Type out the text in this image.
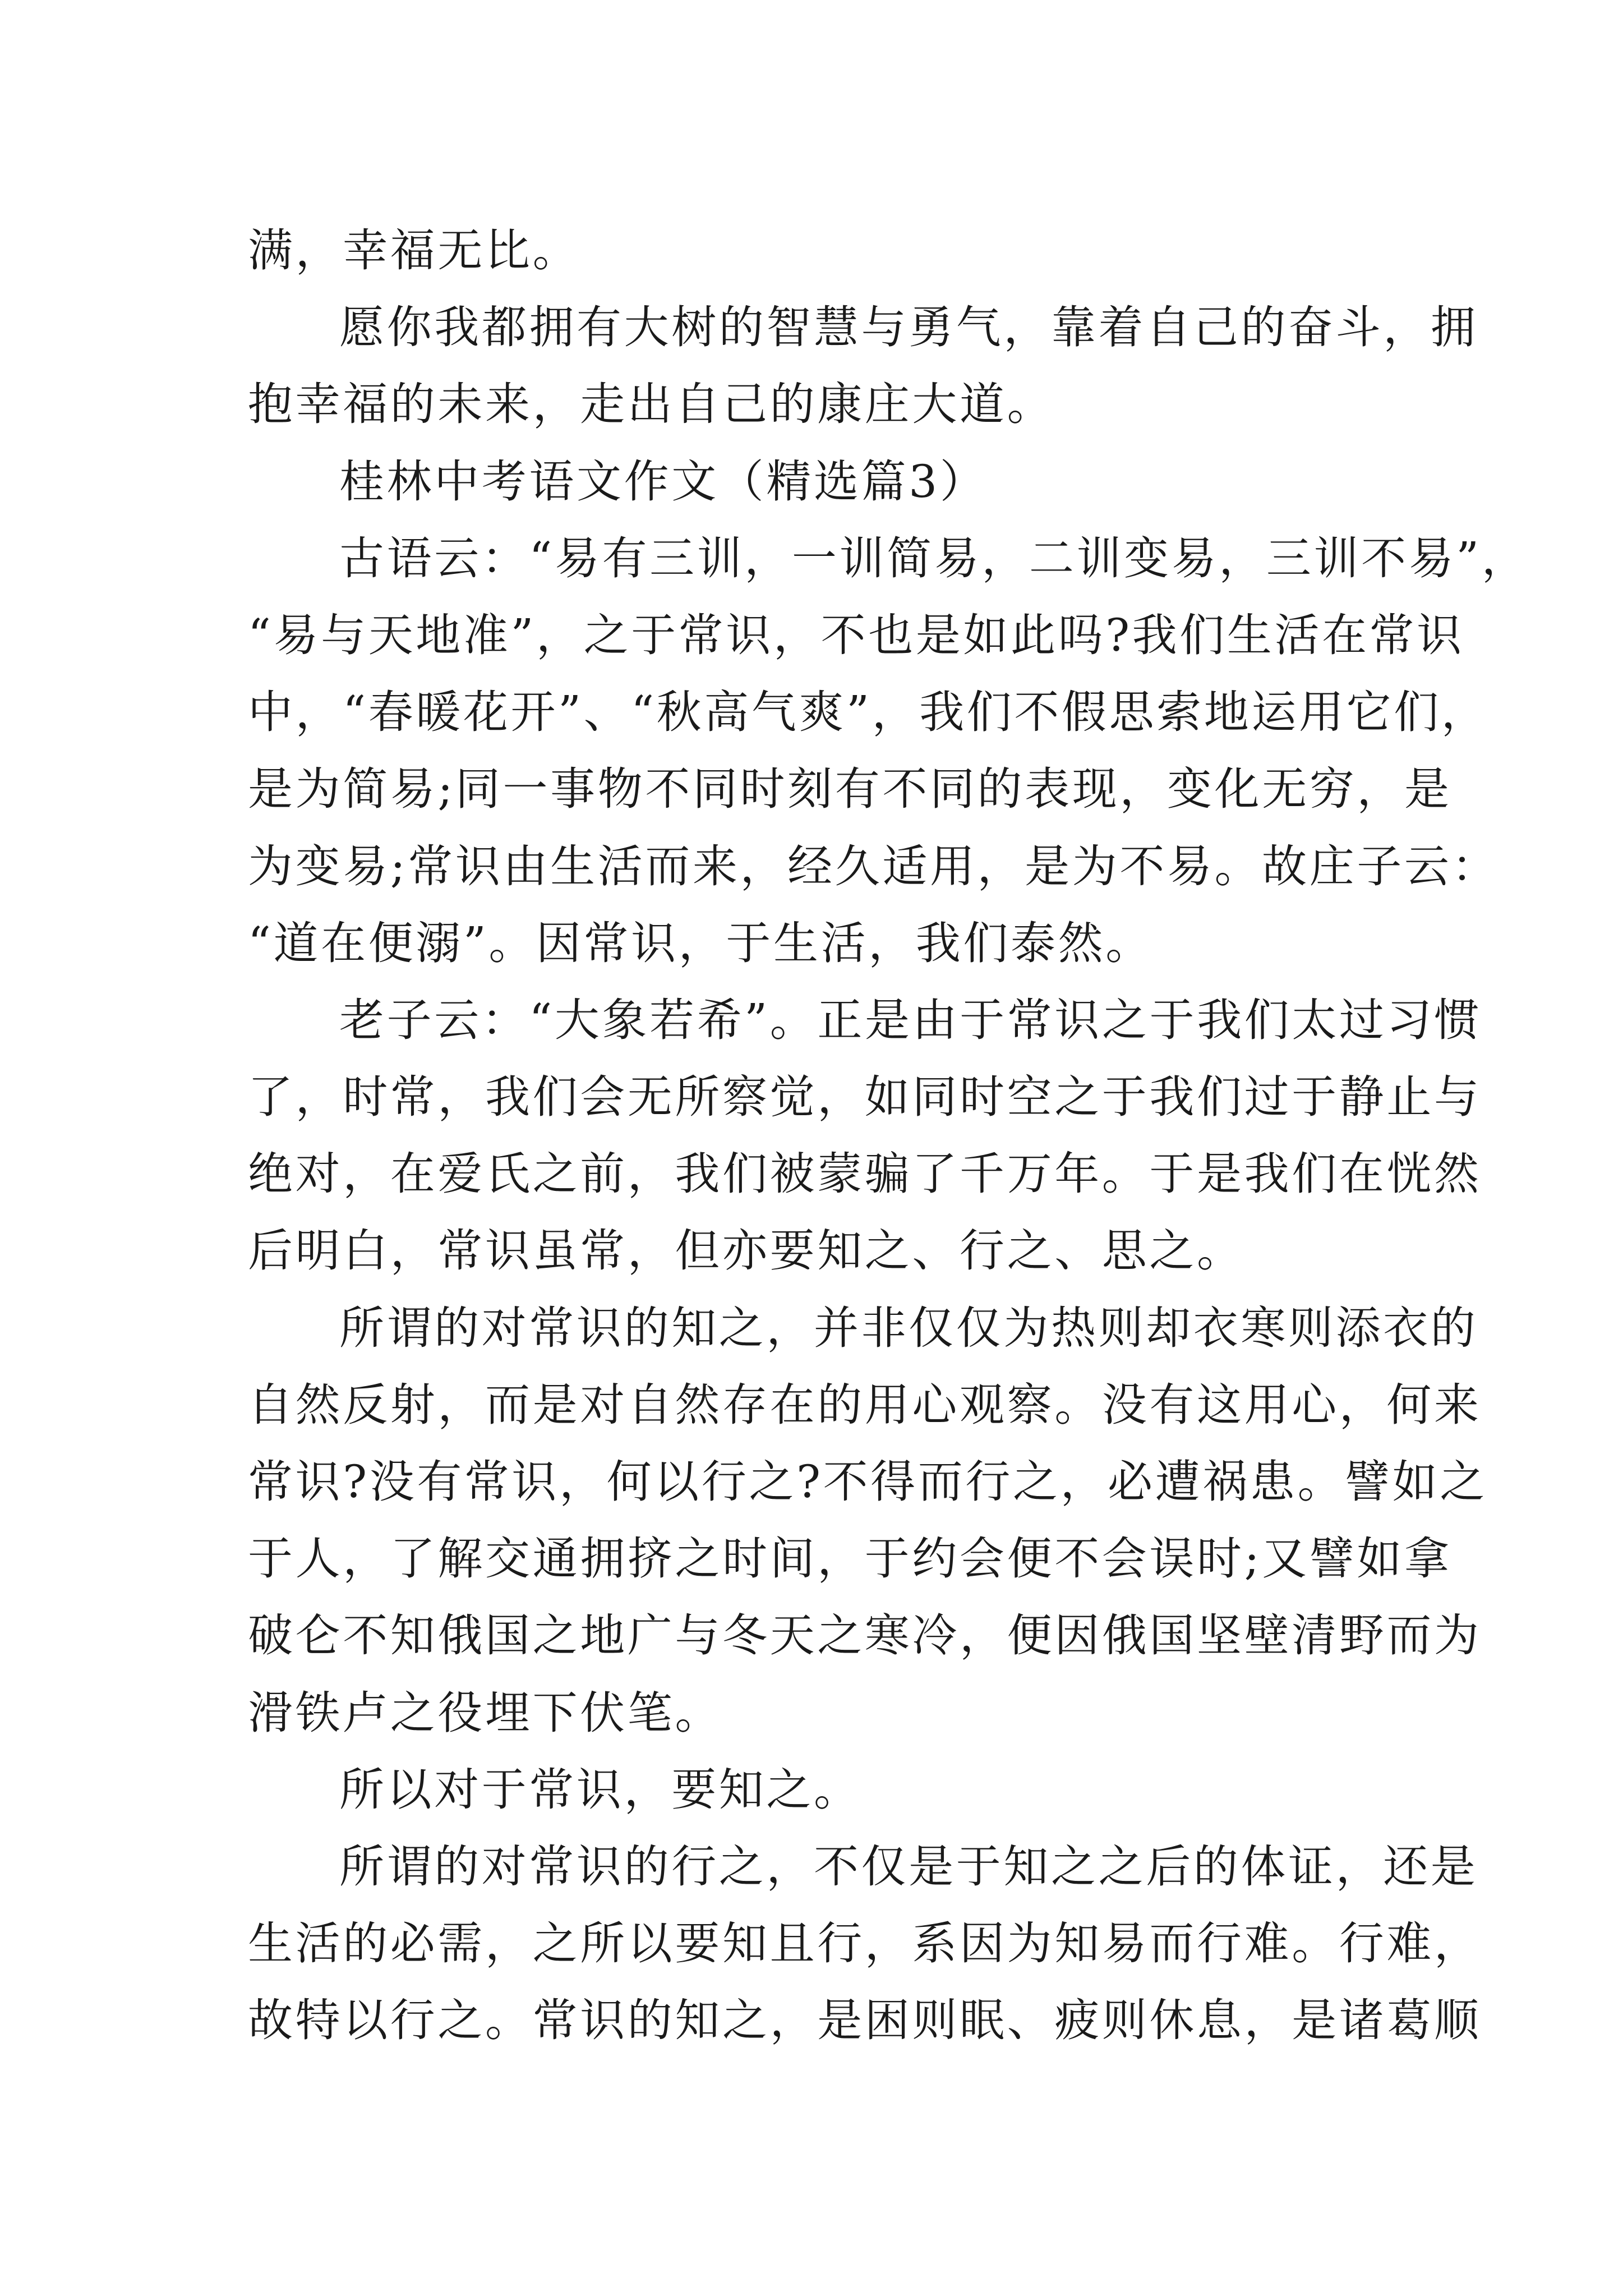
满，幸福无比。
愿你我都拥有大树的智慧与勇气，靠着自己的奋斗，拥
抱幸福的未来，走出自己的康庄大道。
桂林中考语文作文（精选篇3）
古语云：“易有三训，一训简易，二训变易，三训不易”，
“易与天地准”，之于常识，不也是如此吗?我们生活在常识
中，“春暖花开”、“秋高气爽”，我们不假思索地运用它们，
是为简易;同一事物不同时刻有不同的表现，变化无穷，是
为变易;常识由生活而来，经久适用，是为不易。故庄子云：
“道在便溺”。因常识，于生活，我们泰然。
老子云：“大象若希”。正是由于常识之于我们太过习惯
了，时常，我们会无所察觉，如同时空之于我们过于静止与
绝对，在爱氏之前，我们被蒙骗了千万年。于是我们在恍然
后明白，常识虽常，但亦要知之、行之、思之。
所谓的对常识的知之，并非仅仅为热则却衣寒则添衣的
自然反射，而是对自然存在的用心观察。没有这用心，何来
常识?没有常识，何以行之?不得而行之，必遭祸患。譬如之
于人，了解交通拥挤之时间，于约会便不会误时;又譬如拿
破仑不知俄国之地广与冬天之寒冷，便因俄国坚壁清野而为
滑铁卢之役埋下伏笔。
所以对于常识，要知之。
所谓的对常识的行之，不仅是于知之之后的体证，还是
生活的必需，之所以要知且行，系因为知易而行难。行难，
故特以行之。常识的知之，是困则眠、疲则休息，是诸葛顺
